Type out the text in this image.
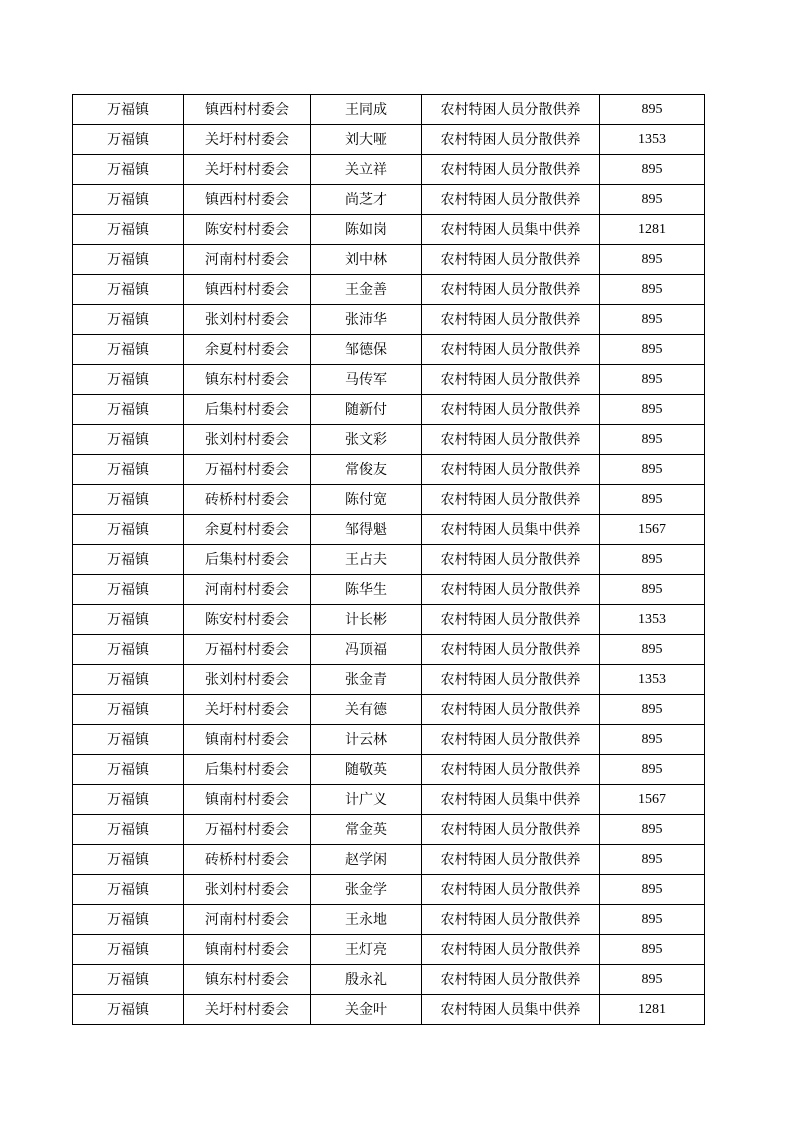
万福镇	镇西村村委会	王同成	农村特困人员分散供养	895
万福镇	关圩村村委会	刘大哑	农村特困人员分散供养	1353
万福镇	关圩村村委会	关立祥	农村特困人员分散供养	895
万福镇	镇西村村委会	尚芝才	农村特困人员分散供养	895
万福镇	陈安村村委会	陈如岗	农村特困人员集中供养	1281
万福镇	河南村村委会	刘中林	农村特困人员分散供养	895
万福镇	镇西村村委会	王金善	农村特困人员分散供养	895
万福镇	张刘村村委会	张沛华	农村特困人员分散供养	895
万福镇	余夏村村委会	邹德保	农村特困人员分散供养	895
万福镇	镇东村村委会	马传军	农村特困人员分散供养	895
万福镇	后集村村委会	随新付	农村特困人员分散供养	895
万福镇	张刘村村委会	张文彩	农村特困人员分散供养	895
万福镇	万福村村委会	常俊友	农村特困人员分散供养	895
万福镇	砖桥村村委会	陈付宽	农村特困人员分散供养	895
万福镇	余夏村村委会	邹得魁	农村特困人员集中供养	1567
万福镇	后集村村委会	王占夫	农村特困人员分散供养	895
万福镇	河南村村委会	陈华生	农村特困人员分散供养	895
万福镇	陈安村村委会	计长彬	农村特困人员分散供养	1353
万福镇	万福村村委会	冯顶福	农村特困人员分散供养	895
万福镇	张刘村村委会	张金青	农村特困人员分散供养	1353
万福镇	关圩村村委会	关有德	农村特困人员分散供养	895
万福镇	镇南村村委会	计云林	农村特困人员分散供养	895
万福镇	后集村村委会	随敬英	农村特困人员分散供养	895
万福镇	镇南村村委会	计广义	农村特困人员集中供养	1567
万福镇	万福村村委会	常金英	农村特困人员分散供养	895
万福镇	砖桥村村委会	赵学闲	农村特困人员分散供养	895
万福镇	张刘村村委会	张金学	农村特困人员分散供养	895
万福镇	河南村村委会	王永地	农村特困人员分散供养	895
万福镇	镇南村村委会	王灯亮	农村特困人员分散供养	895
万福镇	镇东村村委会	殷永礼	农村特困人员分散供养	895
万福镇	关圩村村委会	关金叶	农村特困人员集中供养	1281
